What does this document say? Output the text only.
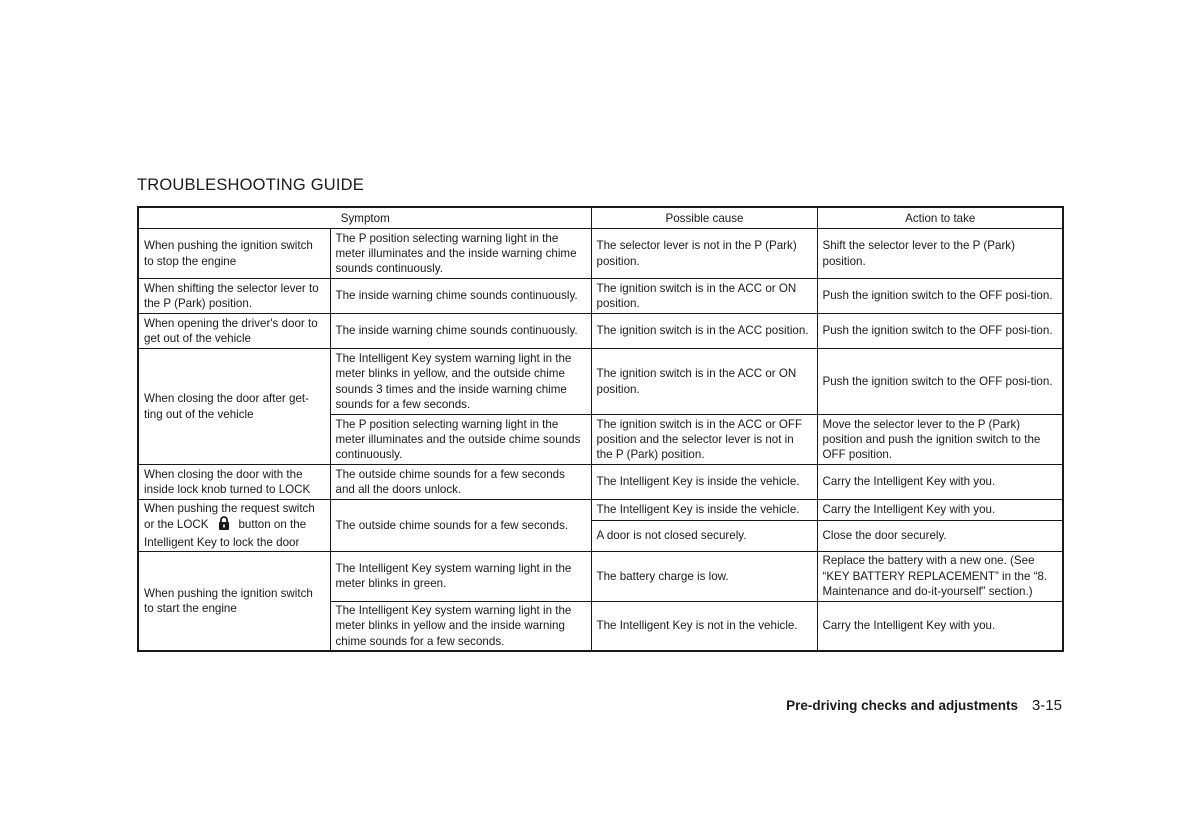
TROUBLESHOOTING GUIDE
Symptom		Possible cause	Action to take
When pushing the ignition switch to stop the engine	The P position selecting warning light in the meter illuminates and the inside warning chime sounds continuously.	The selector lever is not in the P (Park) position.	Shift the selector lever to the P (Park) position.
When shifting the selector lever to the P (Park) position.	The inside warning chime sounds continuously.	The ignition switch is in the ACC or ON position.	Push the ignition switch to the OFF posi-tion.
When opening the driver's door to get out of the vehicle	The inside warning chime sounds continuously.	The ignition switch is in the ACC position.	Push the ignition switch to the OFF posi-tion.
When closing the door after get-ting out of the vehicle	The Intelligent Key system warning light in the meter blinks in yellow, and the outside chime sounds 3 times and the inside warning chime sounds for a few seconds.	The ignition switch is in the ACC or ON position.	Push the ignition switch to the OFF posi-tion.
	The P position selecting warning light in the meter illuminates and the outside chime sounds continuously.	The ignition switch is in the ACC or OFF position and the selector lever is not in the P (Park) position.	Move the selector lever to the P (Park) position and push the ignition switch to the OFF position.
When closing the door with the inside lock knob turned to LOCK	The outside chime sounds for a few seconds and all the doors unlock.	The Intelligent Key is inside the vehicle.	Carry the Intelligent Key with you.
When pushing the request switch or the LOCK button on the Intelligent Key to lock the door	The outside chime sounds for a few seconds.	The Intelligent Key is inside the vehicle.	Carry the Intelligent Key with you.
		A door is not closed securely.	Close the door securely.
When pushing the ignition switch to start the engine	The Intelligent Key system warning light in the meter blinks in green.	The battery charge is low.	Replace the battery with a new one. (See “KEY BATTERY REPLACEMENT” in the “8. Maintenance and do-it-yourself” section.)
	The Intelligent Key system warning light in the meter blinks in yellow and the inside warning chime sounds for a few seconds.	The Intelligent Key is not in the vehicle.	Carry the Intelligent Key with you.
Pre-driving checks and adjustments 3-15
